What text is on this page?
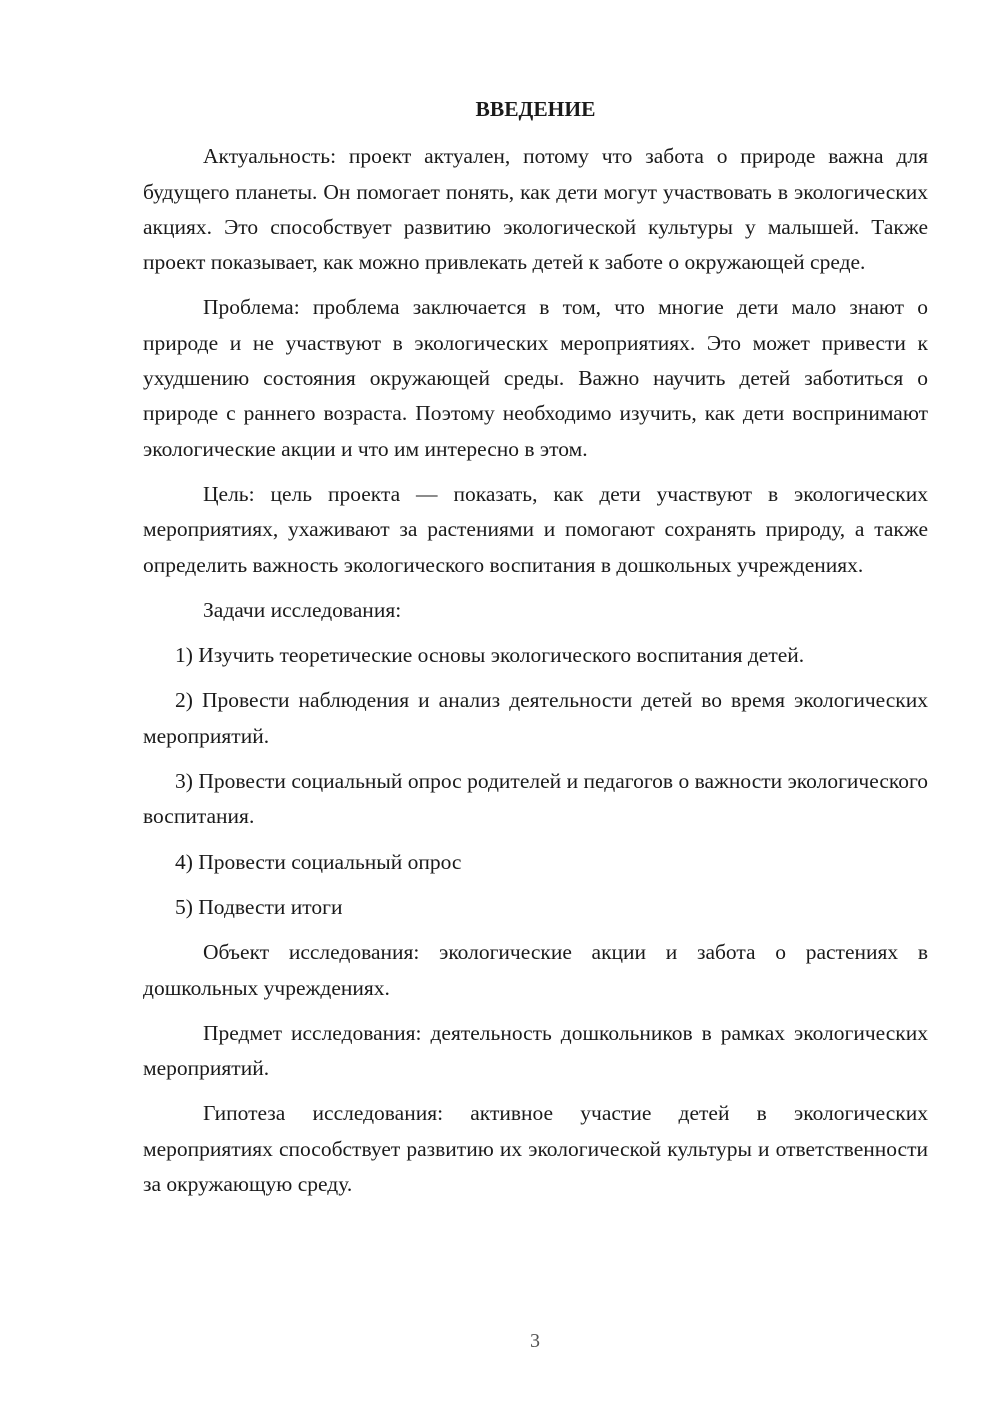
ВВЕДЕНИЕ

Актуальность: проект актуален, потому что забота о природе важна для будущего планеты. Он помогает понять, как дети могут участвовать в экологических акциях. Это способствует развитию экологической культуры у малышей. Также проект показывает, как можно привлекать детей к заботе о окружающей среде.

Проблема: проблема заключается в том, что многие дети мало знают о природе и не участвуют в экологических мероприятиях. Это может привести к ухудшению состояния окружающей среды. Важно научить детей заботиться о природе с раннего возраста. Поэтому необходимо изучить, как дети воспринимают экологические акции и что им интересно в этом.

Цель: цель проекта — показать, как дети участвуют в экологических мероприятиях, ухаживают за растениями и помогают сохранять природу, а также определить важность экологического воспитания в дошкольных учреждениях.

Задачи исследования:

1) Изучить теоретические основы экологического воспитания детей.

2) Провести наблюдения и анализ деятельности детей во время экологических мероприятий.

3) Провести социальный опрос родителей и педагогов о важности экологического воспитания.

4) Провести социальный опрос

5) Подвести итоги

Объект исследования: экологические акции и забота о растениях в дошкольных учреждениях.

Предмет исследования: деятельность дошкольников в рамках экологических мероприятий.

Гипотеза исследования: активное участие детей в экологических мероприятиях способствует развитию их экологической культуры и ответственности за окружающую среду.

3
